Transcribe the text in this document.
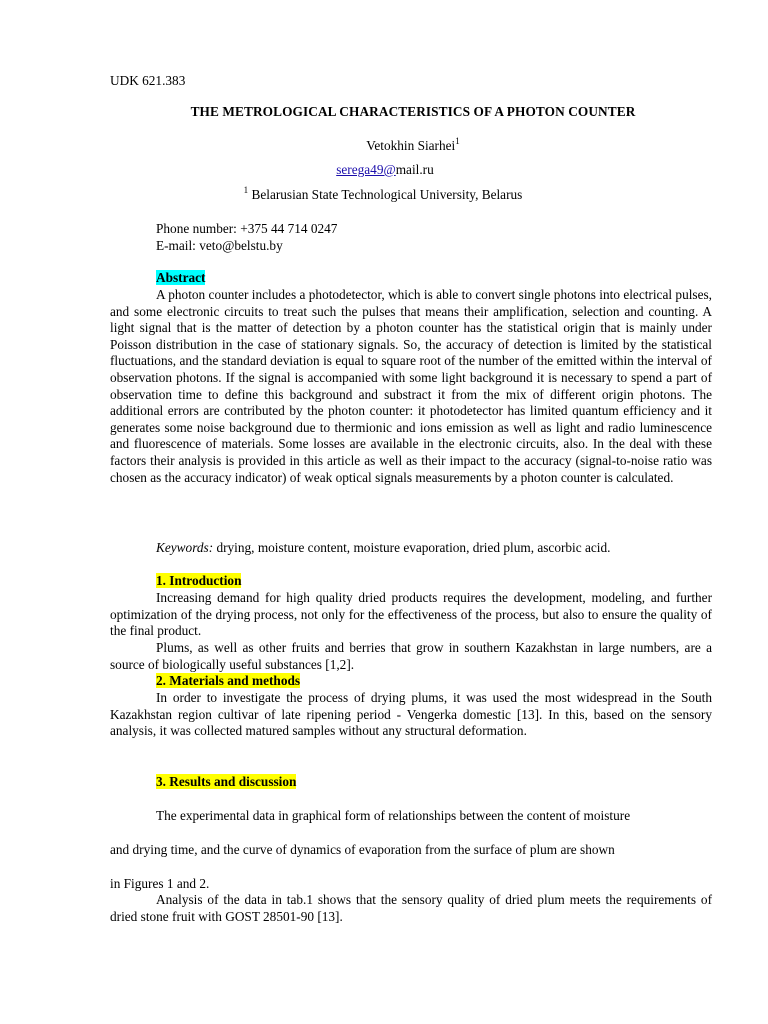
UDK 621.383
THE METROLOGICAL CHARACTERISTICS OF A PHOTON COUNTER
Vetokhin Siarhei$^1$
serega49@mail.ru
$^1$ Belarusian State Technological University, Belarus
Phone number: +375 44 714 0247
E-mail: veto@belstu.by
Abstract

A photon counter includes a photodetector, which is able to convert single photons into electrical pulses, and some electronic circuits to treat such the pulses that means their amplification, selection and counting. A light signal that is the matter of detection by a photon counter has the statistical origin that is mainly under Poisson distribution in the case of stationary signals. So, the accuracy of detection is limited by the statistical fluctuations, and the standard deviation is equal to square root of the number of the emitted within the interval of observation photons. If the signal is accompanied with some light background it is necessary to spend a part of observation time to define this background and substract it from the mix of different origin photons. The additional errors are contributed by the photon counter: it photodetector has limited quantum efficiency and it generates some noise background due to thermionic and ions emission as well as light and radio luminescence and fluorescence of materials. Some losses are available in the electronic circuits, also. In the deal with these factors their analysis is provided in this article as well as their impact to the accuracy (signal-to-noise ratio was chosen as the accuracy indicator) of weak optical signals measurements by a photon counter is calculated.

Keywords: drying, moisture content, moisture evaporation, dried plum, ascorbic acid.
1. Introduction

Increasing demand for high quality dried products requires the development, modeling, and further optimization of the drying process, not only for the effectiveness of the process, but also to ensure the quality of the final product.

Plums, as well as other fruits and berries that grow in southern Kazakhstan in large numbers, are a source of biologically useful substances [1,2].

2. Materials and methods

In order to investigate the process of drying plums, it was used the most widespread in the South Kazakhstan region cultivar of late ripening period - Vengerka domestic [13]. In this, based on the sensory analysis, it was collected matured samples without any structural deformation.

3. Results and discussion
The experimental data in graphical form of relationships between the content of moisture
and drying time, and the curve of dynamics of evaporation from the surface of plum are shown
in Figures 1 and 2.

Analysis of the data in tab.1 shows that the sensory quality of dried plum meets the requirements of dried stone fruit with GOST 28501-90 [13].
